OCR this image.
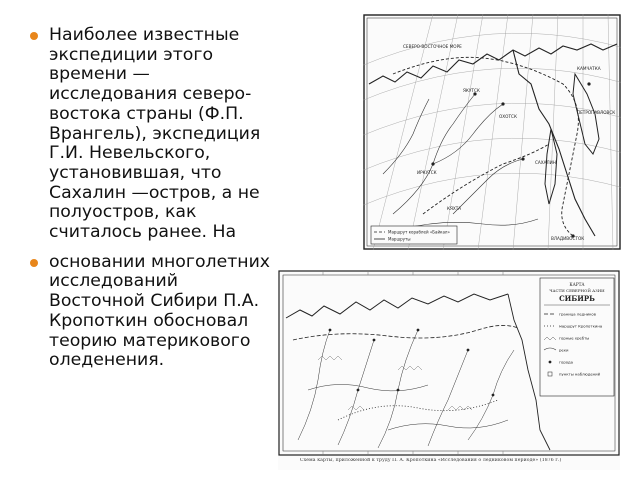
Наиболее известные экспедиции этого времени — исследования северо-востока страны (Ф.П. Врангель), экспедиция Г.И. Невельского, установившая, что Сахалин —остров, а не полуостров, как считалось ранее. На
основании многолетних исследований Восточной Сибири П.А. Кропоткин обосновал теорию материкового оледенения.
СЕВЕРО-ВОСТОЧНОЕ МОРЕ
ЯКУТСК
КАМЧАТКА
ОХОТСК
ИРКУТСК
КЯХТА
ВЛАДИВОСТОК
САХАЛИН
ПЕТРОПАВЛОВСК
Маршрут кораблей «Байкал»
Маршруты
КАРТА
ЧАСТИ СЕВЕРНОЙ АЗИИ
СИБИРЬ
граница ледников
маршрут Кропоткина
горные хребты
реки
города
пункты наблюдений
Схема карты, приложенной к труду П. А. Кропоткина «Исследования о ледниковом периоде» (1876 г.)
